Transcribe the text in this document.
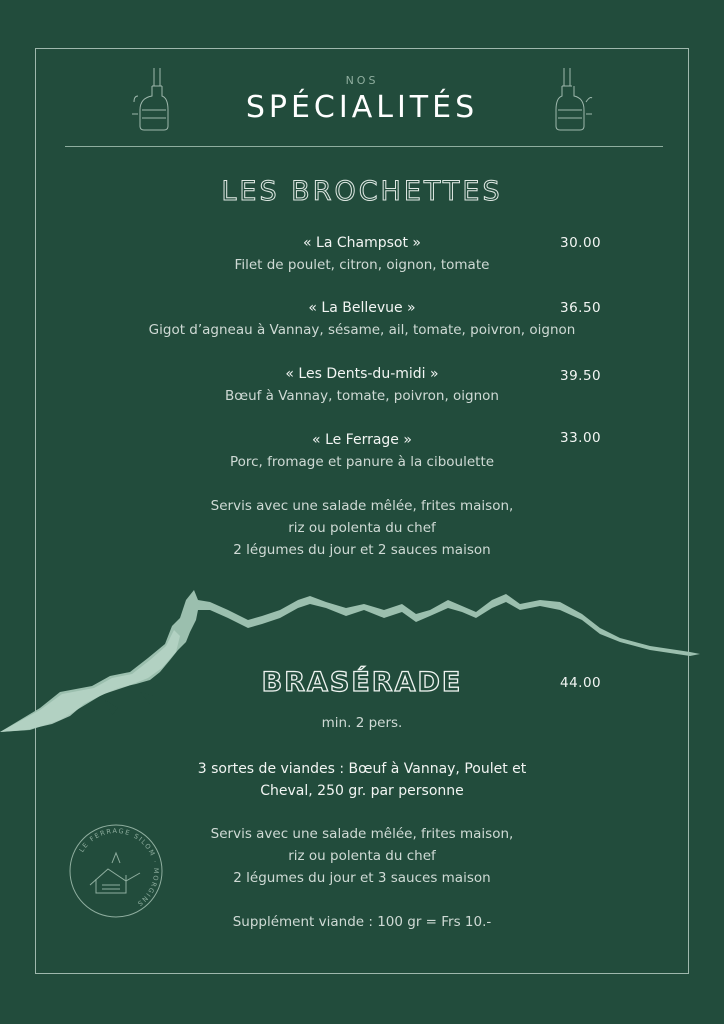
NOS
SPÉCIALITÉS
LES BROCHETTES
« La Champsot »	30.00
Filet de poulet, citron, oignon, tomate
« La Bellevue »	36.50
Gigot d’agneau à Vannay, sésame, ail, tomate, poivron, oignon
« Les Dents-du-midi »	39.50
Bœuf à Vannay, tomate, poivron, oignon
« Le Ferrage »	33.00
Porc, fromage et panure à la ciboulette
Servis avec une salade mêlée, frites maison,
riz ou polenta du chef
2 légumes du jour et 2 sauces maison
BRASÉRADE	44.00
min. 2 pers.
3 sortes de viandes : Bœuf à Vannay, Poulet et
Cheval, 250 gr. par personne
Servis avec une salade mêlée, frites maison,
riz ou polenta du chef
2 légumes du jour et 3 sauces maison
Supplément viande : 100 gr = Frs 10.-
LE FERRAGE SILOM · MORGINS
